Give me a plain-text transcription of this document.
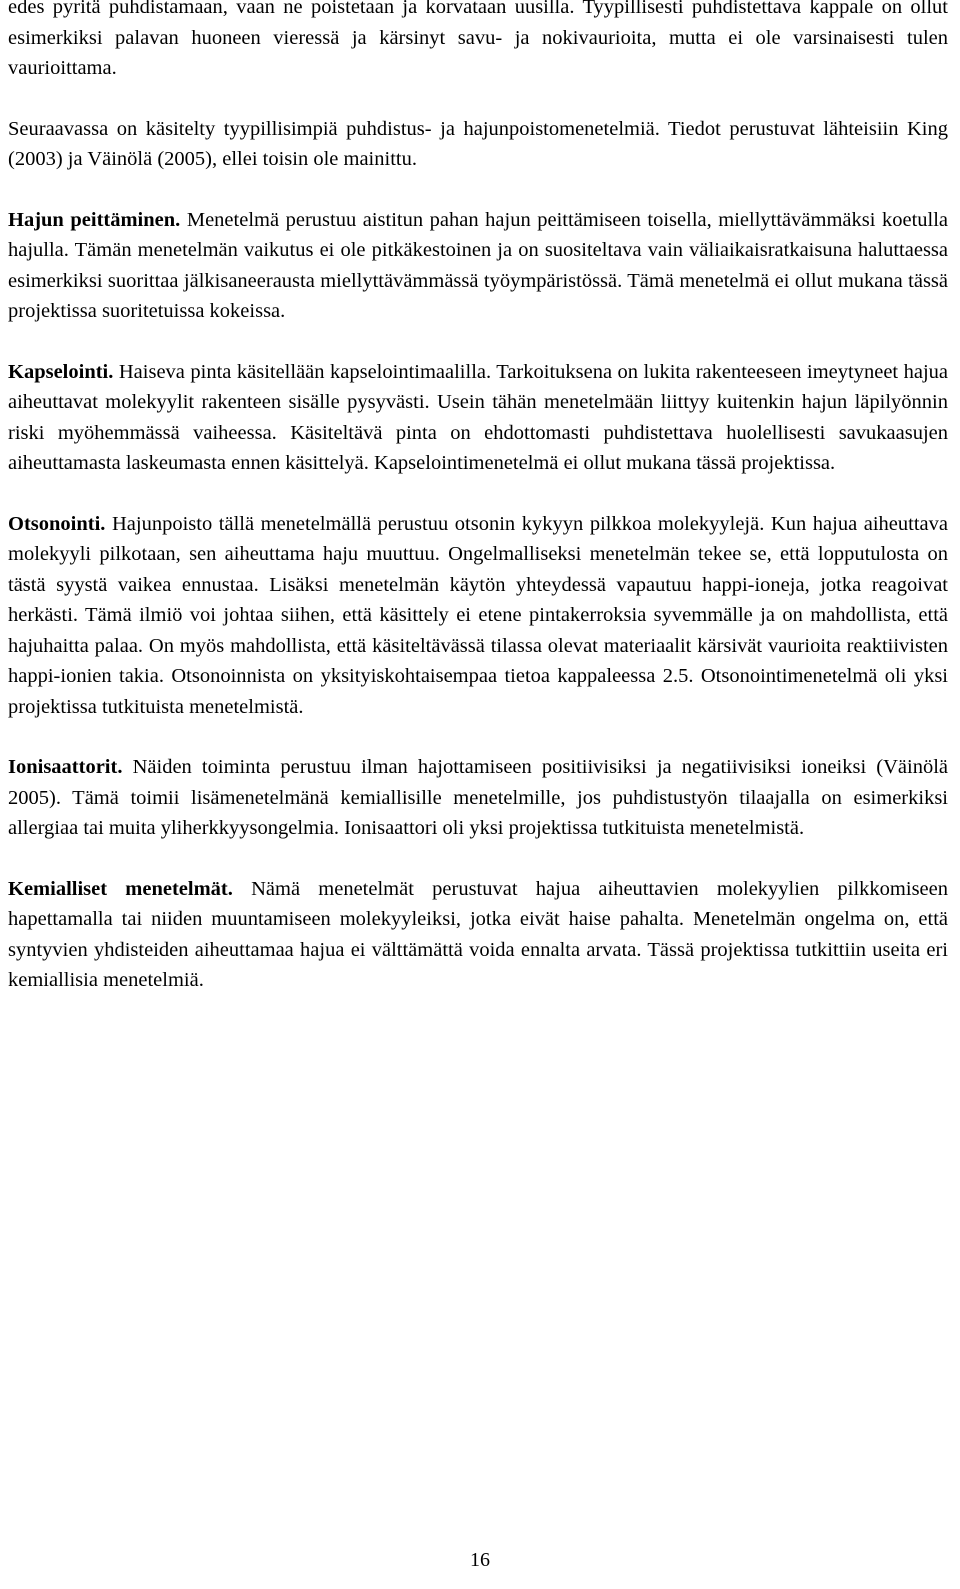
edes pyritä puhdistamaan, vaan ne poistetaan ja korvataan uusilla. Tyypillisesti puhdistettava kappale on ollut esimerkiksi palavan huoneen vieressä ja kärsinyt savu- ja nokivaurioita, mutta ei ole varsinaisesti tulen vaurioittama.

Seuraavassa on käsitelty tyypillisimpiä puhdistus- ja hajunpoistomenetelmiä. Tiedot perustuvat lähteisiin King (2003) ja Väinölä (2005), ellei toisin ole mainittu.

Hajun peittäminen. Menetelmä perustuu aistitun pahan hajun peittämiseen toisella, miellyttävämmäksi koetulla hajulla. Tämän menetelmän vaikutus ei ole pitkäkestoinen ja on suositeltava vain väliaikaisratkaisuna haluttaessa esimerkiksi suorittaa jälkisaneerausta miellyttävämmässä työympäristössä. Tämä menetelmä ei ollut mukana tässä projektissa suoritetuissa kokeissa.

Kapselointi. Haiseva pinta käsitellään kapselointimaalilla. Tarkoituksena on lukita rakenteeseen imeytyneet hajua aiheuttavat molekyylit rakenteen sisälle pysyvästi. Usein tähän menetelmään liittyy kuitenkin hajun läpilyönnin riski myöhemmässä vaiheessa. Käsiteltävä pinta on ehdottomasti puhdistettava huolellisesti savukaasujen aiheuttamasta laskeumasta ennen käsittelyä. Kapselointimenetelmä ei ollut mukana tässä projektissa.

Otsonointi. Hajunpoisto tällä menetelmällä perustuu otsonin kykyyn pilkkoa molekyylejä. Kun hajua aiheuttava molekyyli pilkotaan, sen aiheuttama haju muuttuu. Ongelmalliseksi menetelmän tekee se, että lopputulosta on tästä syystä vaikea ennustaa. Lisäksi menetelmän käytön yhteydessä vapautuu happi-ioneja, jotka reagoivat herkästi. Tämä ilmiö voi johtaa siihen, että käsittely ei etene pintakerroksia syvemmälle ja on mahdollista, että hajuhaitta palaa. On myös mahdollista, että käsiteltävässä tilassa olevat materiaalit kärsivät vaurioita reaktiivisten happi-ionien takia. Otsonoinnista on yksityiskohtaisempaa tietoa kappaleessa 2.5. Otsonointimenetelmä oli yksi projektissa tutkituista menetelmistä.

Ionisaattorit. Näiden toiminta perustuu ilman hajottamiseen positiivisiksi ja negatiivisiksi ioneiksi (Väinölä 2005). Tämä toimii lisämenetelmänä kemiallisille menetelmille, jos puhdistustyön tilaajalla on esimerkiksi allergiaa tai muita yliherkkyysongelmia. Ionisaattori oli yksi projektissa tutkituista menetelmistä.

Kemialliset menetelmät. Nämä menetelmät perustuvat hajua aiheuttavien molekyylien pilkkomiseen hapettamalla tai niiden muuntamiseen molekyyleiksi, jotka eivät haise pahalta. Menetelmän ongelma on, että syntyvien yhdisteiden aiheuttamaa hajua ei välttämättä voida ennalta arvata. Tässä projektissa tutkittiin useita eri kemiallisia menetelmiä.

16
